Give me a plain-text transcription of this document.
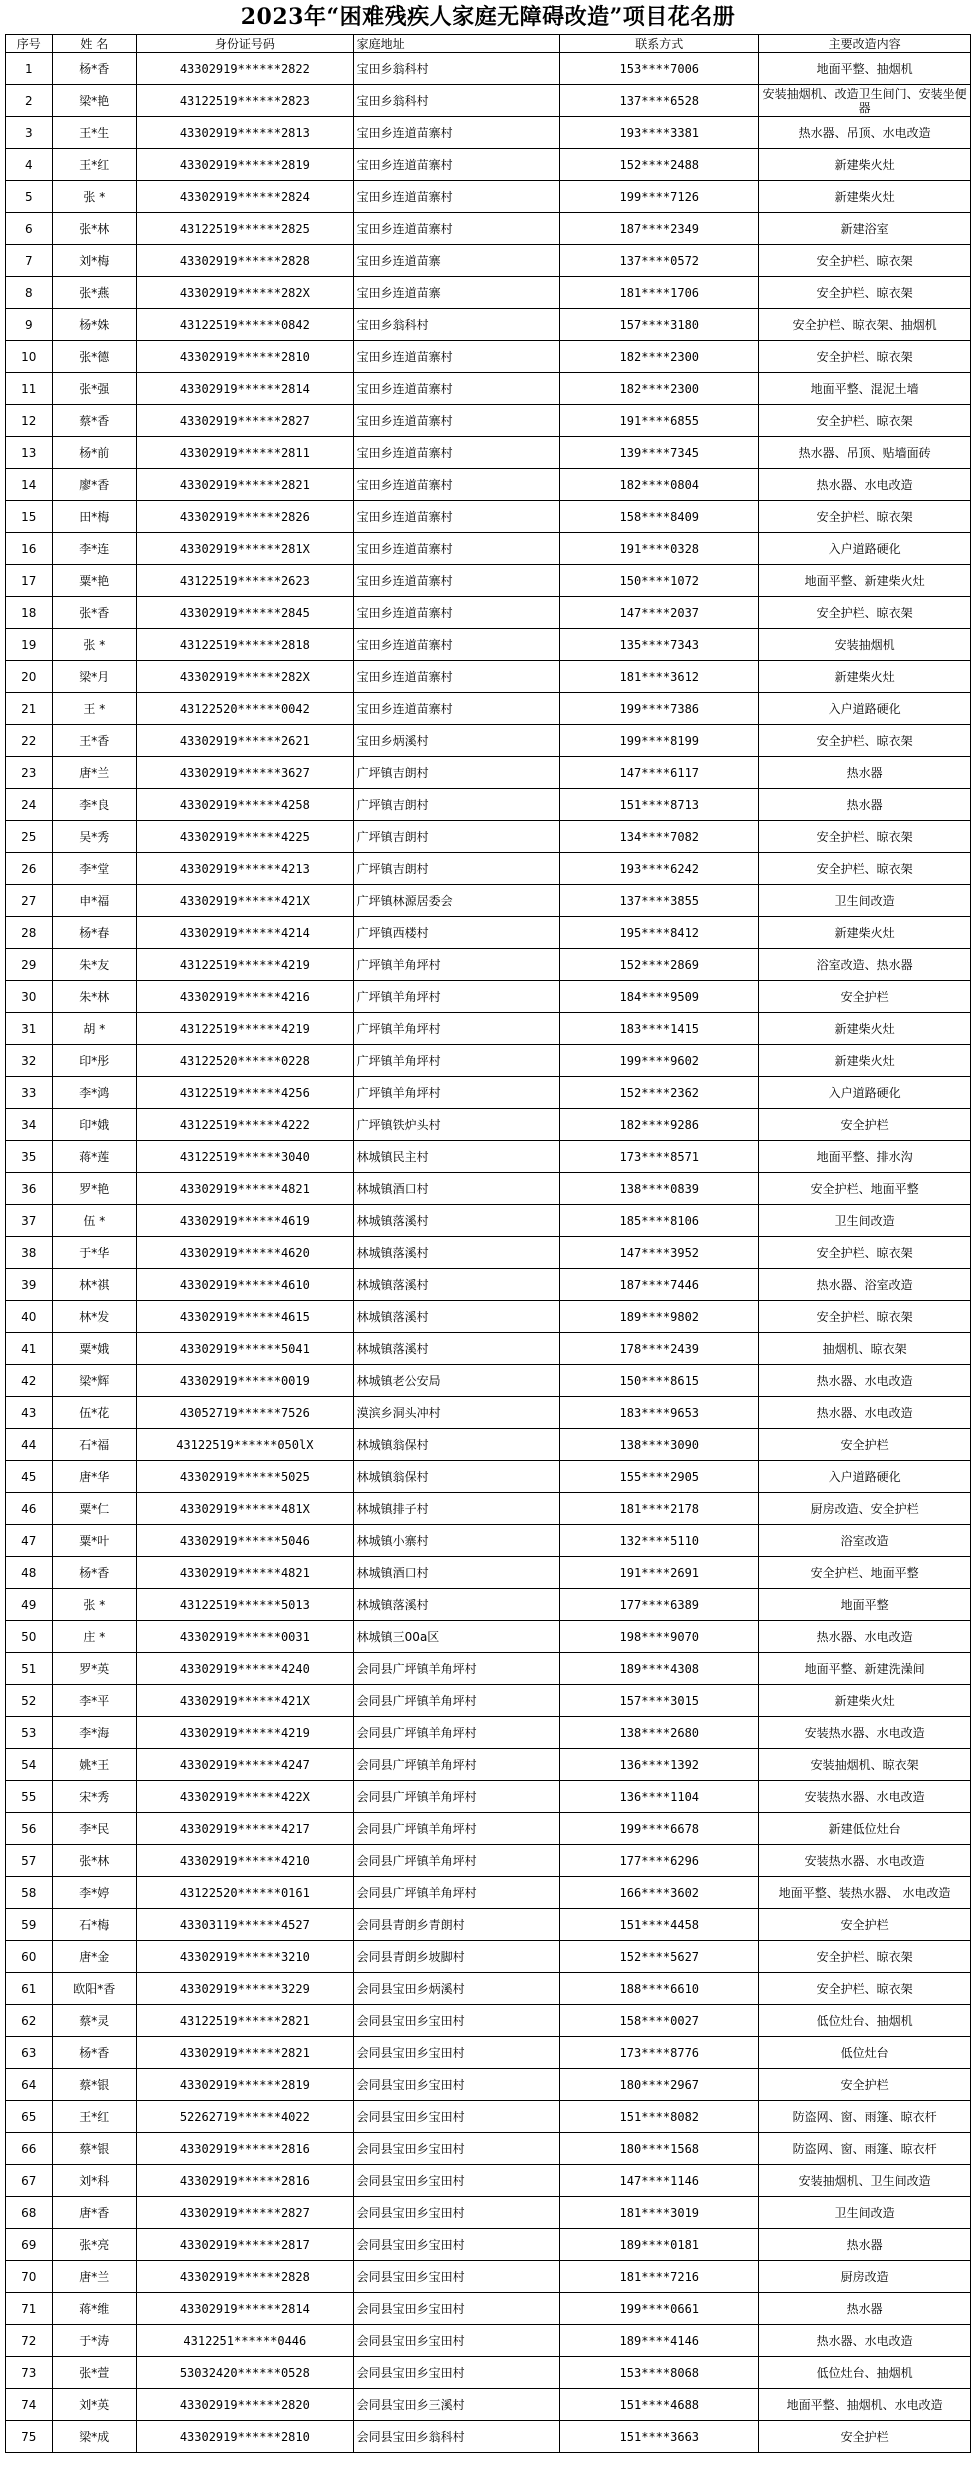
2023年“困难残疾人家庭无障碍改造”项目花名册
序号	姓 名	身份证号码	家庭地址	联系方式	主要改造内容
1	杨*香	43302919******2822	宝田乡翁科村	153****7006	地面平整、抽烟机
2	梁*艳	43122519******2823	宝田乡翁科村	137****6528	安装抽烟机、改造卫生间门、安装坐便器
3	王*生	43302919******2813	宝田乡连道苗寨村	193****3381	热水器、吊顶、水电改造
4	王*红	43302919******2819	宝田乡连道苗寨村	152****2488	新建柴火灶
5	张 *	43302919******2824	宝田乡连道苗寨村	199****7126	新建柴火灶
6	张*林	43122519******2825	宝田乡连道苗寨村	187****2349	新建浴室
7	刘*梅	43302919******2828	宝田乡连道苗寨	137****0572	安全护栏、晾衣架
8	张*燕	43302919******282X	宝田乡连道苗寨	181****1706	安全护栏、晾衣架
9	杨*姝	43122519******0842	宝田乡翁科村	157****3180	安全护栏、晾衣架、抽烟机
10	张*德	43302919******2810	宝田乡连道苗寨村	182****2300	安全护栏、晾衣架
11	张*强	43302919******2814	宝田乡连道苗寨村	182****2300	地面平整、混泥土墙
12	蔡*香	43302919******2827	宝田乡连道苗寨村	191****6855	安全护栏、晾衣架
13	杨*前	43302919******2811	宝田乡连道苗寨村	139****7345	热水器、吊顶、贴墙面砖
14	廖*香	43302919******2821	宝田乡连道苗寨村	182****0804	热水器、水电改造
15	田*梅	43302919******2826	宝田乡连道苗寨村	158****8409	安全护栏、晾衣架
16	李*连	43302919******281X	宝田乡连道苗寨村	191****0328	入户道路硬化
17	粟*艳	43122519******2623	宝田乡连道苗寨村	150****1072	地面平整、新建柴火灶
18	张*香	43302919******2845	宝田乡连道苗寨村	147****2037	安全护栏、晾衣架
19	张 *	43122519******2818	宝田乡连道苗寨村	135****7343	安装抽烟机
20	梁*月	43302919******282X	宝田乡连道苗寨村	181****3612	新建柴火灶
21	王 *	43122520******0042	宝田乡连道苗寨村	199****7386	入户道路硬化
22	王*香	43302919******2621	宝田乡炳溪村	199****8199	安全护栏、晾衣架
23	唐*兰	43302919******3627	广坪镇吉朗村	147****6117	热水器
24	李*良	43302919******4258	广坪镇吉朗村	151****8713	热水器
25	吴*秀	43302919******4225	广坪镇吉朗村	134****7082	安全护栏、晾衣架
26	李*堂	43302919******4213	广坪镇吉朗村	193****6242	安全护栏、晾衣架
27	申*福	43302919******421X	广坪镇林源居委会	137****3855	卫生间改造
28	杨*春	43302919******4214	广坪镇西楼村	195****8412	新建柴火灶
29	朱*友	43122519******4219	广坪镇羊角坪村	152****2869	浴室改造、热水器
30	朱*林	43302919******4216	广坪镇羊角坪村	184****9509	安全护栏
31	胡 *	43122519******4219	广坪镇羊角坪村	183****1415	新建柴火灶
32	印*彤	43122520******0228	广坪镇羊角坪村	199****9602	新建柴火灶
33	李*鸿	43122519******4256	广坪镇羊角坪村	152****2362	入户道路硬化
34	印*娥	43122519******4222	广坪镇铁炉头村	182****9286	安全护栏
35	蒋*莲	43122519******3040	林城镇民主村	173****8571	地面平整、排水沟
36	罗*艳	43302919******4821	林城镇酒口村	138****0839	安全护栏、地面平整
37	伍 *	43302919******4619	林城镇落溪村	185****8106	卫生间改造
38	于*华	43302919******4620	林城镇落溪村	147****3952	安全护栏、晾衣架
39	林*祺	43302919******4610	林城镇落溪村	187****7446	热水器、浴室改造
40	林*发	43302919******4615	林城镇落溪村	189****9802	安全护栏、晾衣架
41	粟*娥	43302919******5041	林城镇落溪村	178****2439	抽烟机、晾衣架
42	梁*辉	43302919******0019	林城镇老公安局	150****8615	热水器、水电改造
43	伍*花	43052719******7526	漠滨乡洞头冲村	183****9653	热水器、水电改造
44	石*福	43122519******050lX	林城镇翁保村	138****3090	安全护栏
45	唐*华	43302919******5025	林城镇翁保村	155****2905	入户道路硬化
46	粟*仁	43302919******481X	林城镇排子村	181****2178	厨房改造、安全护栏
47	粟*叶	43302919******5046	林城镇小寨村	132****5110	浴室改造
48	杨*香	43302919******4821	林城镇酒口村	191****2691	安全护栏、地面平整
49	张 *	43122519******5013	林城镇落溪村	177****6389	地面平整
50	庄 *	43302919******0031	林城镇三00a区	198****9070	热水器、水电改造
51	罗*英	43302919******4240	会同县广坪镇羊角坪村	189****4308	地面平整、新建洗澡间
52	李*平	43302919******421X	会同县广坪镇羊角坪村	157****3015	新建柴火灶
53	李*海	43302919******4219	会同县广坪镇羊角坪村	138****2680	安装热水器、水电改造
54	姚*王	43302919******4247	会同县广坪镇羊角坪村	136****1392	安装抽烟机、晾衣架
55	宋*秀	43302919******422X	会同县广坪镇羊角坪村	136****1104	安装热水器、水电改造
56	李*民	43302919******4217	会同县广坪镇羊角坪村	199****6678	新建低位灶台
57	张*林	43302919******4210	会同县广坪镇羊角坪村	177****6296	安装热水器、水电改造
58	李*婷	43122520******0161	会同县广坪镇羊角坪村	166****3602	地面平整、装热水器、 水电改造
59	石*梅	43303119******4527	会同县青朗乡青朗村	151****4458	安全护栏
60	唐*金	43302919******3210	会同县青朗乡坡脚村	152****5627	安全护栏、晾衣架
61	欧阳*香	43302919******3229	会同县宝田乡炳溪村	188****6610	安全护栏、晾衣架
62	蔡*灵	43122519******2821	会同县宝田乡宝田村	158****0027	低位灶台、抽烟机
63	杨*香	43302919******2821	会同县宝田乡宝田村	173****8776	低位灶台
64	蔡*银	43302919******2819	会同县宝田乡宝田村	180****2967	安全护栏
65	王*红	52262719******4022	会同县宝田乡宝田村	151****8082	防盗网、窗、雨篷、晾衣杆
66	蔡*银	43302919******2816	会同县宝田乡宝田村	180****1568	防盗网、窗、雨篷、晾衣杆
67	刘*科	43302919******2816	会同县宝田乡宝田村	147****1146	安装抽烟机、卫生间改造
68	唐*香	43302919******2827	会同县宝田乡宝田村	181****3019	卫生间改造
69	张*亮	43302919******2817	会同县宝田乡宝田村	189****0181	热水器
70	唐*兰	43302919******2828	会同县宝田乡宝田村	181****7216	厨房改造
71	蒋*维	43302919******2814	会同县宝田乡宝田村	199****0661	热水器
72	于*涛	4312251******0446	会同县宝田乡宝田村	189****4146	热水器、水电改造
73	张*萱	53032420******0528	会同县宝田乡宝田村	153****8068	低位灶台、抽烟机
74	刘*英	43302919******2820	会同县宝田乡三溪村	151****4688	地面平整、抽烟机、水电改造
75	梁*成	43302919******2810	会同县宝田乡翁科村	151****3663	安全护栏
